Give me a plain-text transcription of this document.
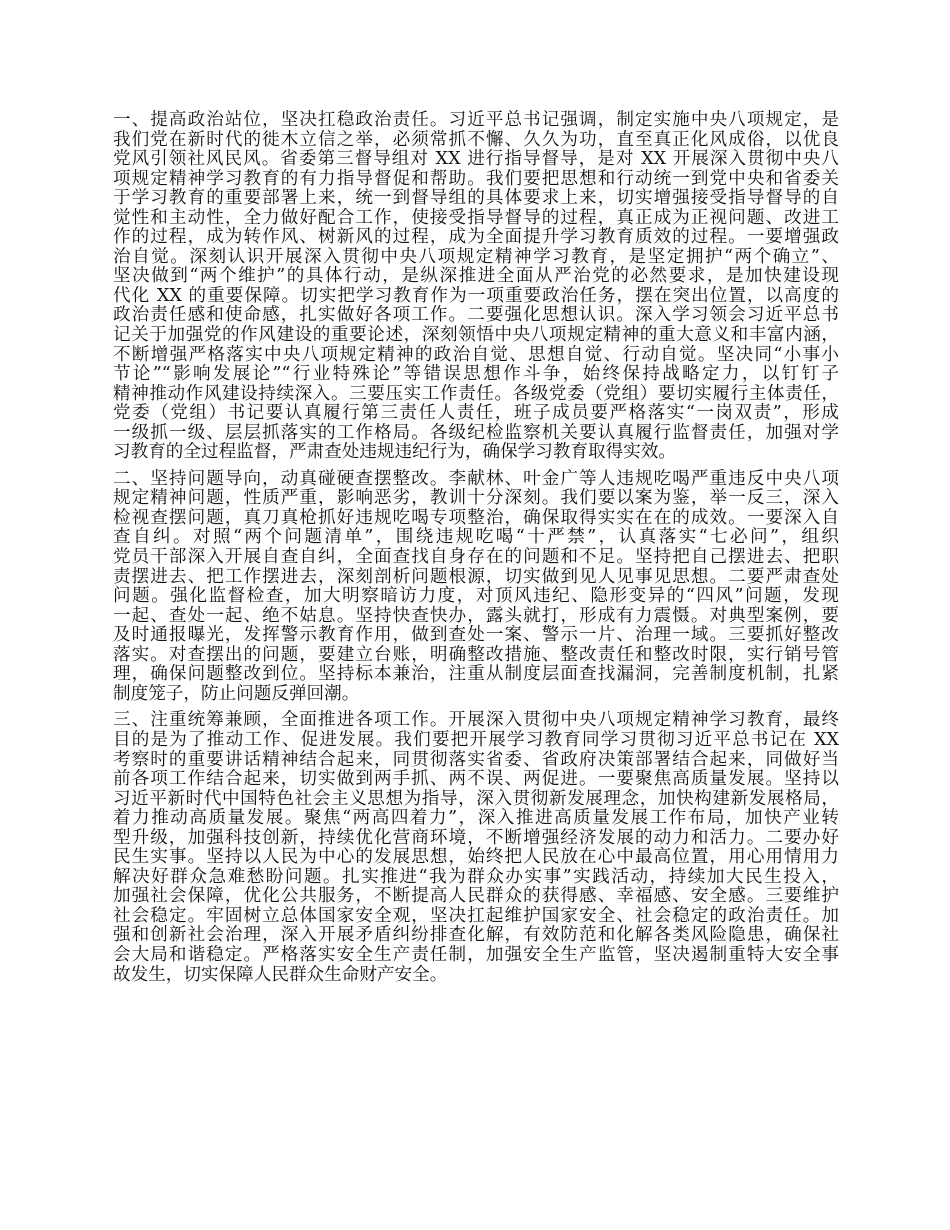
一、提高政治站位，坚决扛稳政治责任。习近平总书记强调，制定实施中央八项规定，是
我们党在新时代的徙木立信之举，必须常抓不懈、久久为功，直至真正化风成俗，以优良
党风引领社风民风。省委第三督导组对 XX 进行指导督导，是对 XX 开展深入贯彻中央八
项规定精神学习教育的有力指导督促和帮助。我们要把思想和行动统一到党中央和省委关
于学习教育的重要部署上来，统一到督导组的具体要求上来，切实增强接受指导督导的自
觉性和主动性，全力做好配合工作，使接受指导督导的过程，真正成为正视问题、改进工
作的过程，成为转作风、树新风的过程，成为全面提升学习教育质效的过程。一要增强政
治自觉。深刻认识开展深入贯彻中央八项规定精神学习教育，是坚定拥护“两个确立”、
坚决做到“两个维护”的具体行动，是纵深推进全面从严治党的必然要求，是加快建设现
代化 XX 的重要保障。切实把学习教育作为一项重要政治任务，摆在突出位置，以高度的
政治责任感和使命感，扎实做好各项工作。二要强化思想认识。深入学习领会习近平总书
记关于加强党的作风建设的重要论述，深刻领悟中央八项规定精神的重大意义和丰富内涵，
不断增强严格落实中央八项规定精神的政治自觉、思想自觉、行动自觉。坚决同“小事小
节论”“影响发展论”“行业特殊论”等错误思想作斗争，始终保持战略定力，以钉钉子
精神推动作风建设持续深入。三要压实工作责任。各级党委（党组）要切实履行主体责任，
党委（党组）书记要认真履行第三责任人责任，班子成员要严格落实“一岗双责”，形成
一级抓一级、层层抓落实的工作格局。各级纪检监察机关要认真履行监督责任，加强对学
习教育的全过程监督，严肃查处违规违纪行为，确保学习教育取得实效。
二、坚持问题导向，动真碰硬查摆整改。李献林、叶金广等人违规吃喝严重违反中央八项
规定精神问题，性质严重，影响恶劣，教训十分深刻。我们要以案为鉴，举一反三，深入
检视查摆问题，真刀真枪抓好违规吃喝专项整治，确保取得实实在在的成效。一要深入自
查自纠。对照“两个问题清单”，围绕违规吃喝“十严禁”，认真落实“七必问”，组织
党员干部深入开展自查自纠，全面查找自身存在的问题和不足。坚持把自己摆进去、把职
责摆进去、把工作摆进去，深刻剖析问题根源，切实做到见人见事见思想。二要严肃查处
问题。强化监督检查，加大明察暗访力度，对顶风违纪、隐形变异的“四风”问题，发现
一起、查处一起、绝不姑息。坚持快查快办，露头就打，形成有力震慑。对典型案例，要
及时通报曝光，发挥警示教育作用，做到查处一案、警示一片、治理一域。三要抓好整改
落实。对查摆出的问题，要建立台账，明确整改措施、整改责任和整改时限，实行销号管
理，确保问题整改到位。坚持标本兼治，注重从制度层面查找漏洞，完善制度机制，扎紧
制度笼子，防止问题反弹回潮。
三、注重统筹兼顾，全面推进各项工作。开展深入贯彻中央八项规定精神学习教育，最终
目的是为了推动工作、促进发展。我们要把开展学习教育同学习贯彻习近平总书记在 XX
考察时的重要讲话精神结合起来，同贯彻落实省委、省政府决策部署结合起来，同做好当
前各项工作结合起来，切实做到两手抓、两不误、两促进。一要聚焦高质量发展。坚持以
习近平新时代中国特色社会主义思想为指导，深入贯彻新发展理念，加快构建新发展格局，
着力推动高质量发展。聚焦“两高四着力”，深入推进高质量发展工作布局，加快产业转
型升级，加强科技创新，持续优化营商环境，不断增强经济发展的动力和活力。二要办好
民生实事。坚持以人民为中心的发展思想，始终把人民放在心中最高位置，用心用情用力
解决好群众急难愁盼问题。扎实推进“我为群众办实事”实践活动，持续加大民生投入，
加强社会保障，优化公共服务，不断提高人民群众的获得感、幸福感、安全感。三要维护
社会稳定。牢固树立总体国家安全观，坚决扛起维护国家安全、社会稳定的政治责任。加
强和创新社会治理，深入开展矛盾纠纷排查化解，有效防范和化解各类风险隐患，确保社
会大局和谐稳定。严格落实安全生产责任制，加强安全生产监管，坚决遏制重特大安全事
故发生，切实保障人民群众生命财产安全。
